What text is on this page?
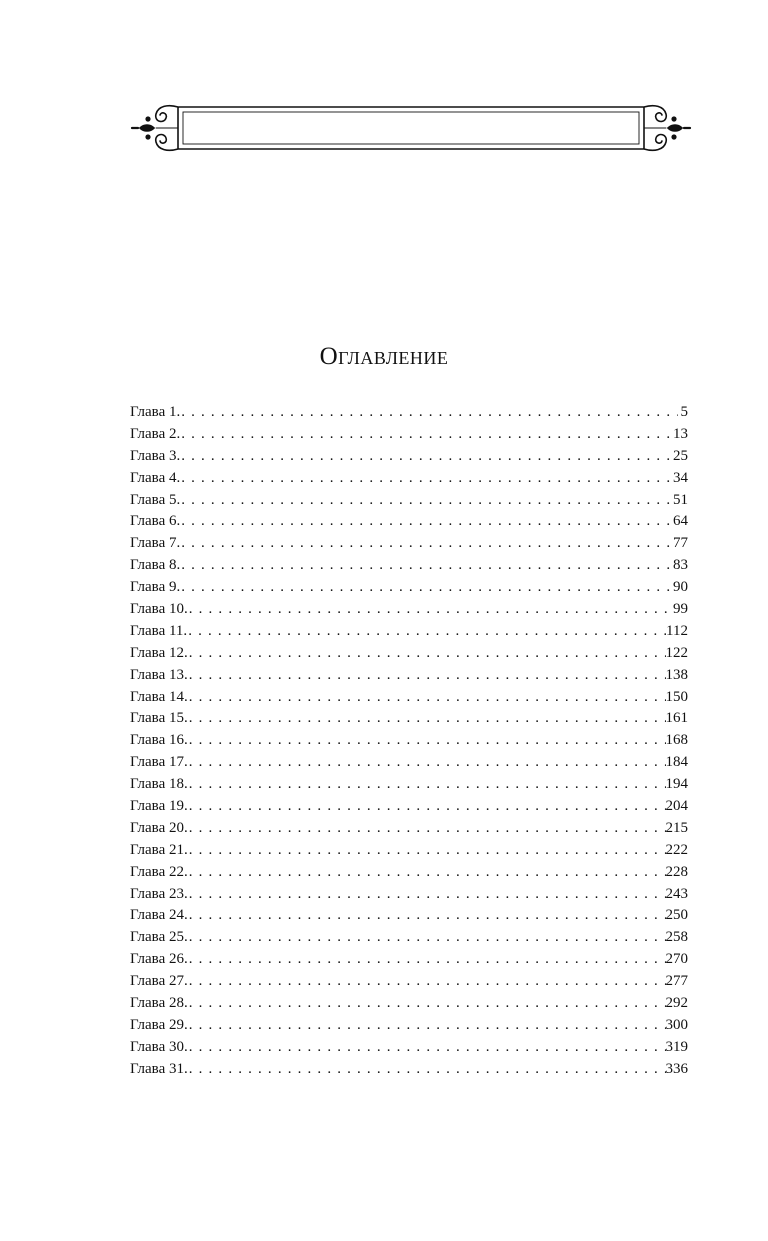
Оглавление
Глава 1. . . .	5
Глава 2. . . .	13
Глава 3. . . .	25
Глава 4. . . .	34
Глава 5. . . .	51
Глава 6. . . .	64
Глава 7. . . .	77
Глава 8. . . .	83
Глава 9. . . .	90
Глава 10. . . .	99
Глава 11. . . .	112
Глава 12. . . .	122
Глава 13. . . .	138
Глава 14. . . .	150
Глава 15. . . .	161
Глава 16. . . .	168
Глава 17. . . .	184
Глава 18. . . .	194
Глава 19. . . .	204
Глава 20. . . .	215
Глава 21. . . .	222
Глава 22. . . .	228
Глава 23. . . .	243
Глава 24. . . .	250
Глава 25. . . .	258
Глава 26. . . .	270
Глава 27. . . .	277
Глава 28. . . .	292
Глава 29. . . .	300
Глава 30. . . .	319
Глава 31. . . .	336
